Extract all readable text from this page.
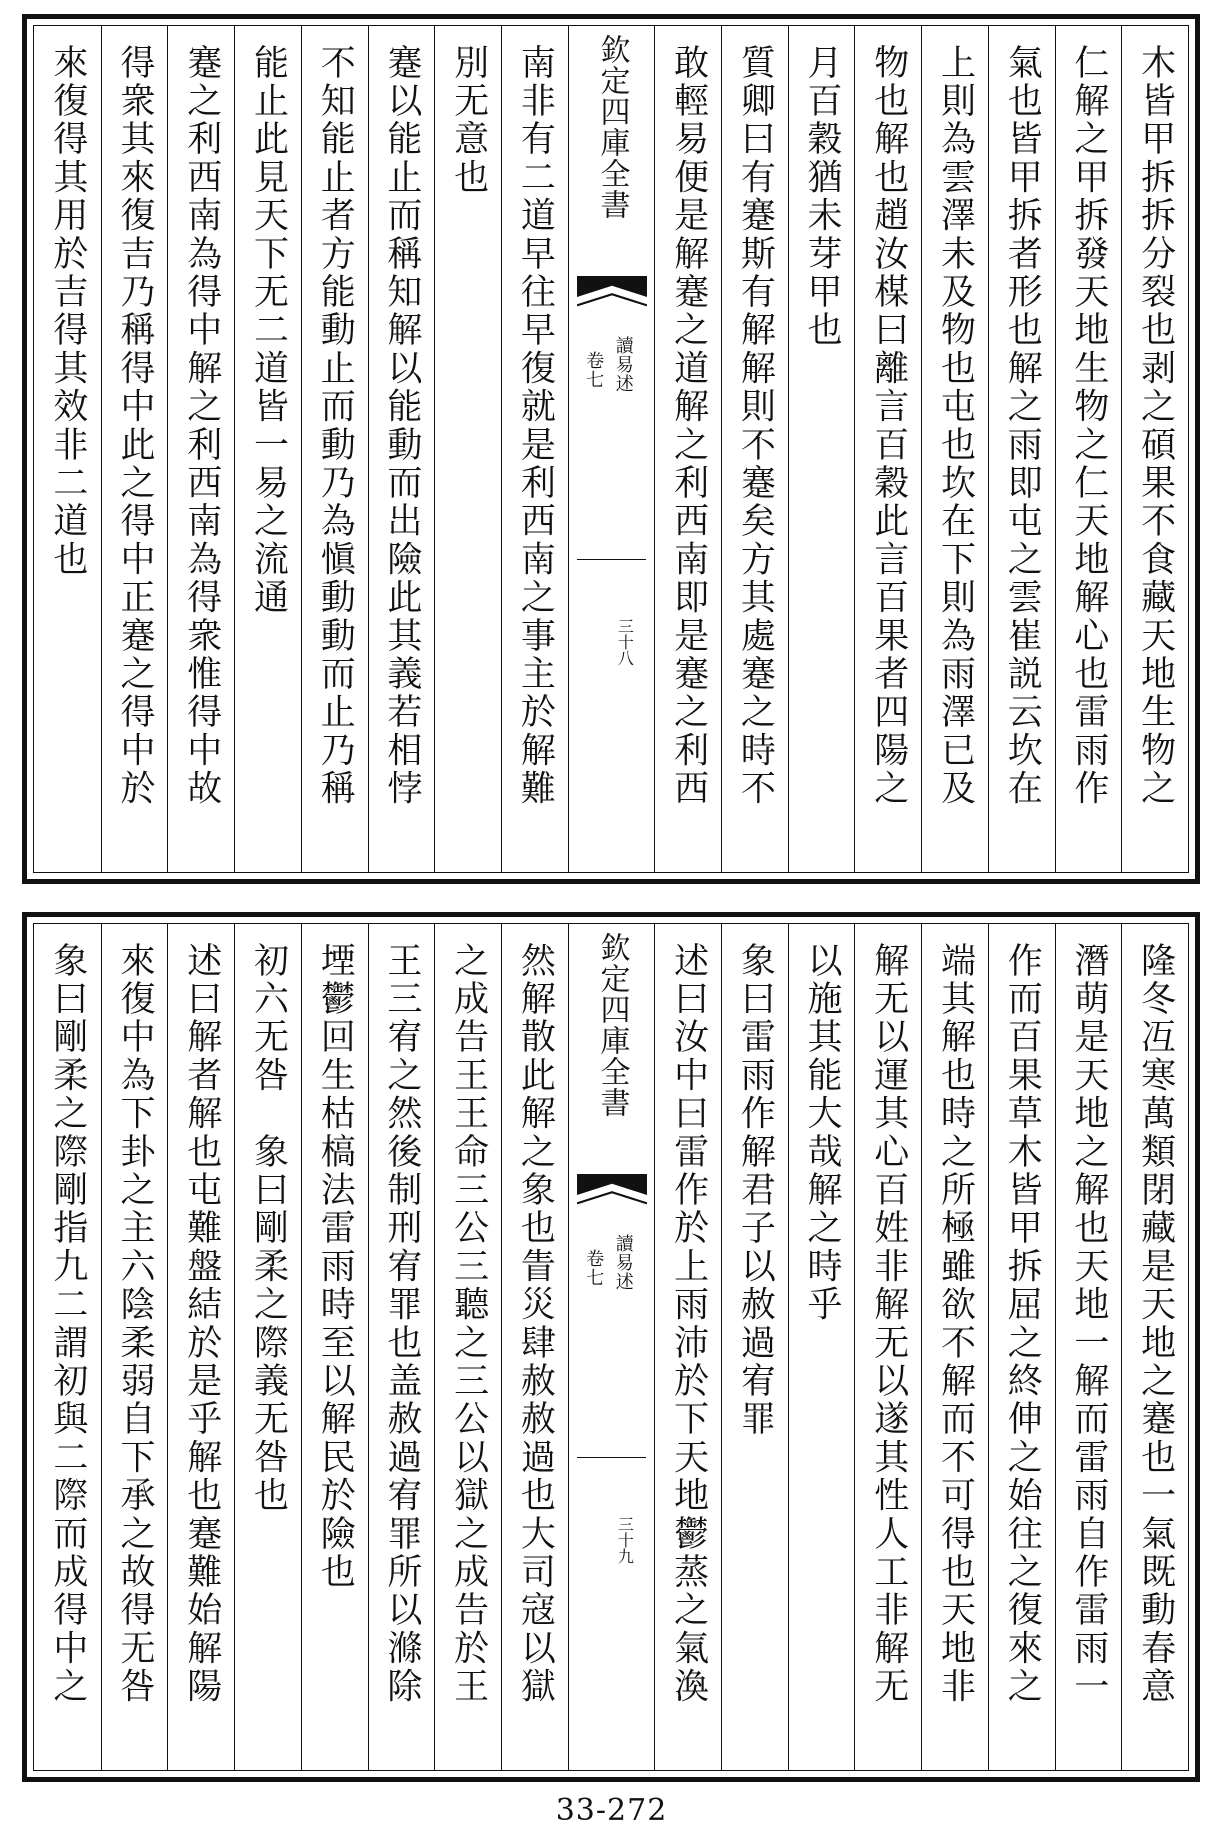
來復得其用於吉得其效非二道也 得衆其來復吉乃稱得中此之得中正蹇之得中於 蹇之利西南為得中解之利西南為得衆惟得中故 能止此見天下无二道皆一易之流通 不知能止者方能動止而動乃為愼動動而止乃稱 蹇以能止而稱知解以能動而出險此其義若相悖 別无意也 南非有二道早往早復就是利西南之事主於解難 欽定四庫全書
讀易述
卷七
三十八 敢輕易便是解蹇之道解之利西南即是蹇之利西 質卿曰有蹇斯有解解則不蹇矣方其處蹇之時不 月百穀猶未芽甲也 物也解也趙汝楳曰離言百穀此言百果者四陽之 上則為雲澤未及物也屯也坎在下則為雨澤已及 氣也皆甲拆者形也解之雨即屯之雲崔説云坎在 仁解之甲拆發天地生物之仁天地解心也雷雨作 木皆甲拆拆分裂也剥之碩果不食藏天地生物之
象曰剛柔之際剛指九二謂初與二際而成得中之 來復中為下卦之主六陰柔弱自下承之故得无咎 述曰解者解也屯難盤結於是乎解也蹇難始解陽 初六无咎　象曰剛柔之際義无咎也 堙鬱回生枯槁法雷雨時至以解民於險也 王三宥之然後制刑宥罪也盖赦過宥罪所以滌除 之成告王王命三公三聽之三公以獄之成告於王 然解散此解之象也眚災肆赦赦過也大司寇以獄 欽定四庫全書
讀易述
卷七
三十九 述曰汝中曰雷作於上雨沛於下天地鬱蒸之氣渙 象曰雷雨作解君子以赦過宥罪 以施其能大哉解之時乎 解无以運其心百姓非解无以遂其性人工非解无 端其解也時之所極雖欲不解而不可得也天地非 作而百果草木皆甲拆屈之終伸之始往之復來之 潛萌是天地之解也天地一解而雷雨自作雷雨一 隆冬冱寒萬類閉藏是天地之蹇也一氣既動春意
33-272
